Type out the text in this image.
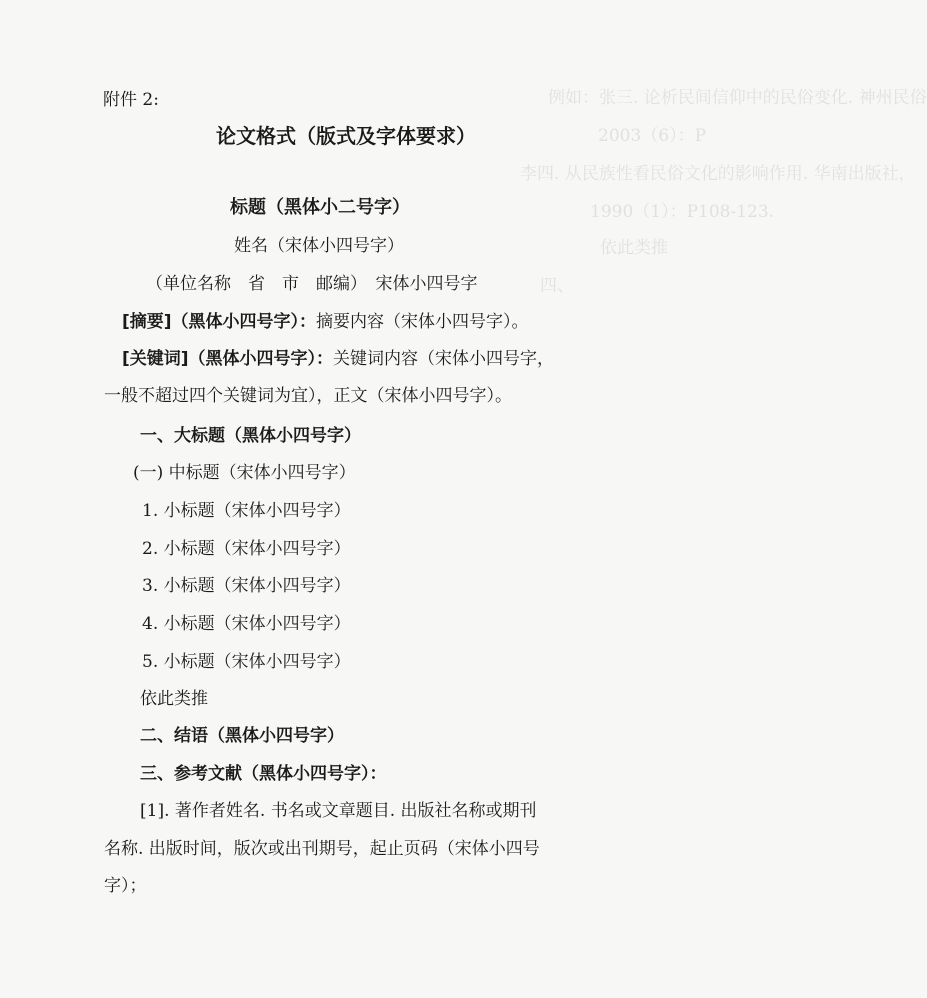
例如：张三. 论析民间信仰中的民俗变化. 神州民俗
2003（6）：P
李四. 从民族性看民俗文化的影响作用. 华南出版社，
1990（1）：P108-123.
依此类推
四、
附件 2:
论文格式（版式及字体要求）
标题（黑体小二号字）
姓名（宋体小四号字）
（单位名称　省　市　邮编）　宋体小四号字
[摘要]（黑体小四号字）：摘要内容（宋体小四号字）。
[关键词]（黑体小四号字）：关键词内容（宋体小四号字，
一般不超过四个关键词为宜），正文（宋体小四号字）。
一、大标题（黑体小四号字）
(一) 中标题（宋体小四号字）
1. 小标题（宋体小四号字）
2. 小标题（宋体小四号字）
3. 小标题（宋体小四号字）
4. 小标题（宋体小四号字）
5. 小标题（宋体小四号字）
依此类推
二、结语（黑体小四号字）
三、参考文献（黑体小四号字）：
[1]. 著作者姓名. 书名或文章题目. 出版社名称或期刊
名称. 出版时间，版次或出刊期号，起止页码（宋体小四号
字）；
